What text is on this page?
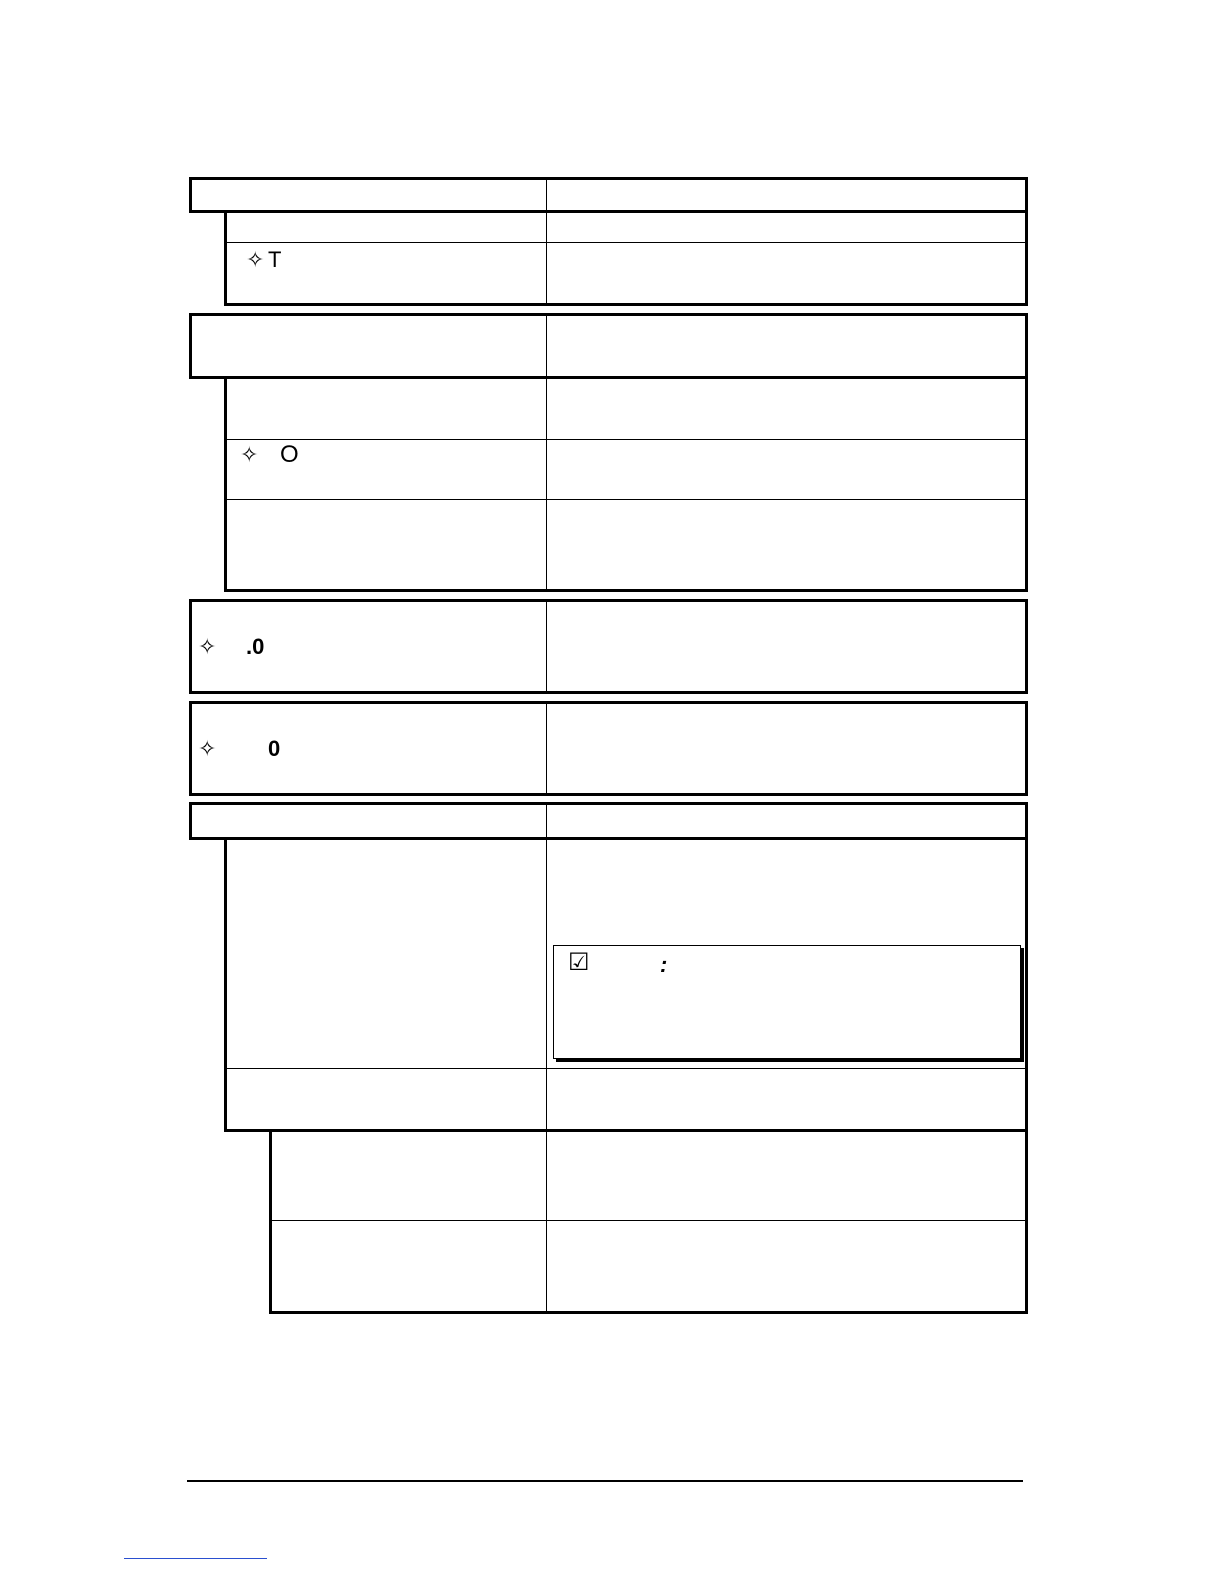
✧ T
✧ O
✧ .0
✧ 0
☑	:
